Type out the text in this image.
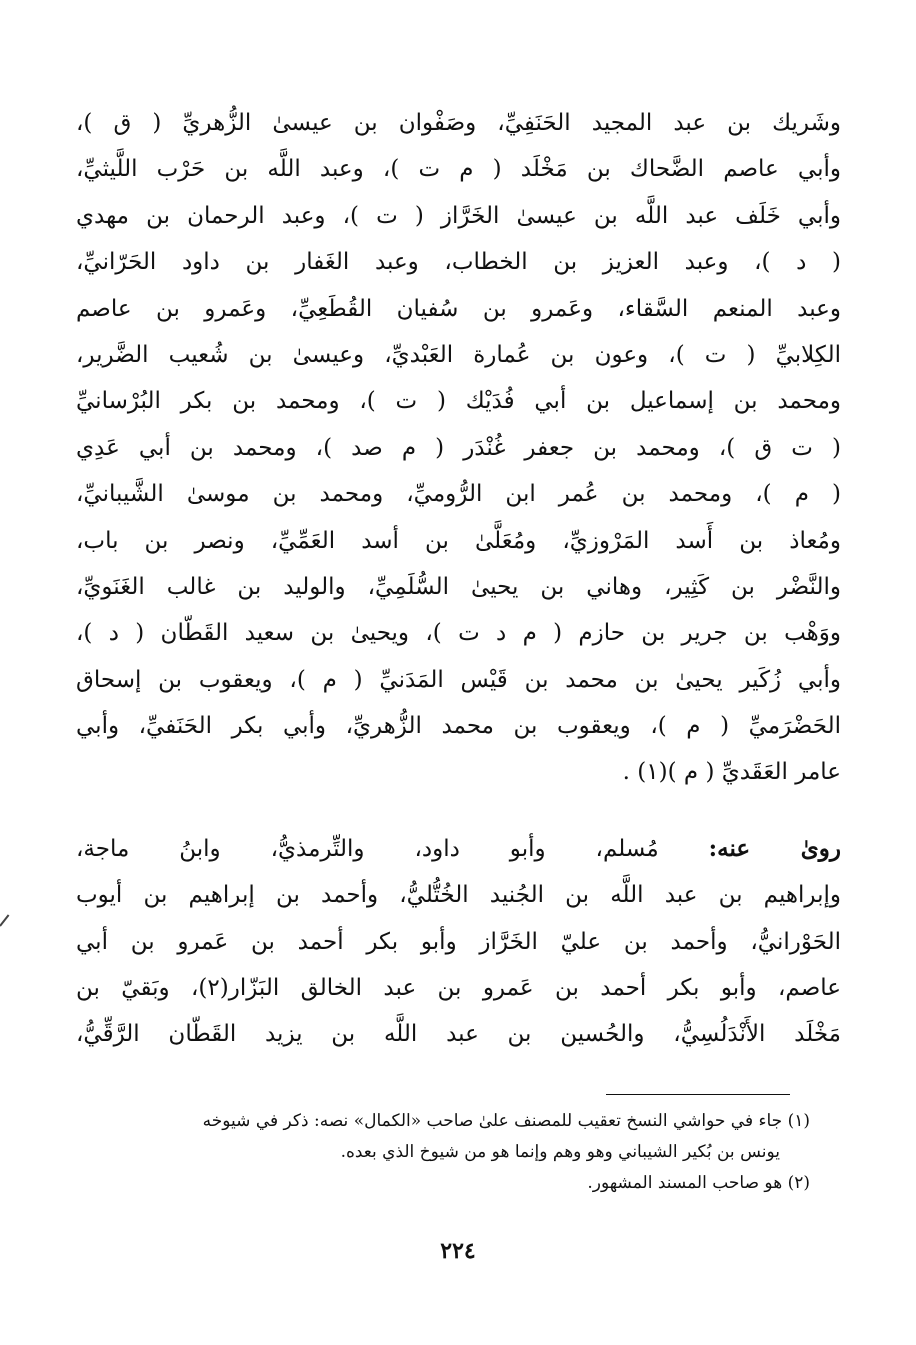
وشَريك بن عبد المجيد الحَنَفِيِّ، وصَفْوان بن عيسىٰ الزُّهريِّ ( ق )،
وأبي عاصم الضَّحاك بن مَخْلَد ( م ت )، وعبد اللَّه بن حَرْب اللَّيثيِّ،
وأبي خَلَف عبد اللَّه بن عيسىٰ الخَرَّاز ( ت )، وعبد الرحمان بن مهدي
( د )، وعبد العزيز بن الخطاب، وعبد الغَفار بن داود الحَرّانيِّ،
وعبد المنعم السَّقاء، وعَمرو بن سُفيان القُطَعِيِّ، وعَمرو بن عاصم
الكِلابيِّ ( ت )، وعون بن عُمارة العَبْديِّ، وعيسىٰ بن شُعيب الضَّرير،
ومحمد بن إسماعيل بن أبي فُدَيْك ( ت )، ومحمد بن بكر البُرْسانيِّ
( ت ق )، ومحمد بن جعفر غُنْدَر ( م صد )، ومحمد بن أبي عَدِي
( م )، ومحمد بن عُمر ابن الرُّوميِّ، ومحمد بن موسىٰ الشَّيبانيِّ،
ومُعاذ بن أَسد المَرْوزيِّ، ومُعَلَّىٰ بن أسد العَمِّيِّ، ونصر بن باب،
والنَّضْر بن كَثِير، وهاني بن يحيىٰ السُّلَمِيِّ، والوليد بن غالب الغَنَويِّ،
ووَهْب بن جرير بن حازم ( م د ت )، ويحيىٰ بن سعيد القَطّان ( د )،
وأبي زُكَير يحيىٰ بن محمد بن قَيْس المَدَنيِّ ( م )، ويعقوب بن إسحاق
الحَضْرَميِّ ( م )، ويعقوب بن محمد الزُّهريِّ، وأبي بكر الحَنَفيِّ، وأبي
عامر العَقَديِّ ( م )(١) .
روىٰ عنه: مُسلم، وأبو داود، والتِّرمذيُّ، وابنُ ماجة،
وإبراهيم بن عبد اللَّه بن الجُنيد الخُتُّليُّ، وأحمد بن إبراهيم بن أيوب
الحَوْرانيُّ، وأحمد بن عليّ الخَرَّاز وأبو بكر أحمد بن عَمرو بن أبي
عاصم، وأبو بكر أحمد بن عَمرو بن عبد الخالق البَزّار(٢)، وبَقيّ بن
مَخْلَد الأَنْدَلُسِيُّ، والحُسين بن عبد اللَّه بن يزيد القَطّان الرَّقِّيُّ،
(١) جاء في حواشي النسخ تعقيب للمصنف علىٰ صاحب «الكمال» نصه: ذكر في شيوخه
يونس بن بُكير الشيباني وهو وهم وإنما هو من شيوخ الذي بعده.
(٢) هو صاحب المسند المشهور.
٢٢٤
